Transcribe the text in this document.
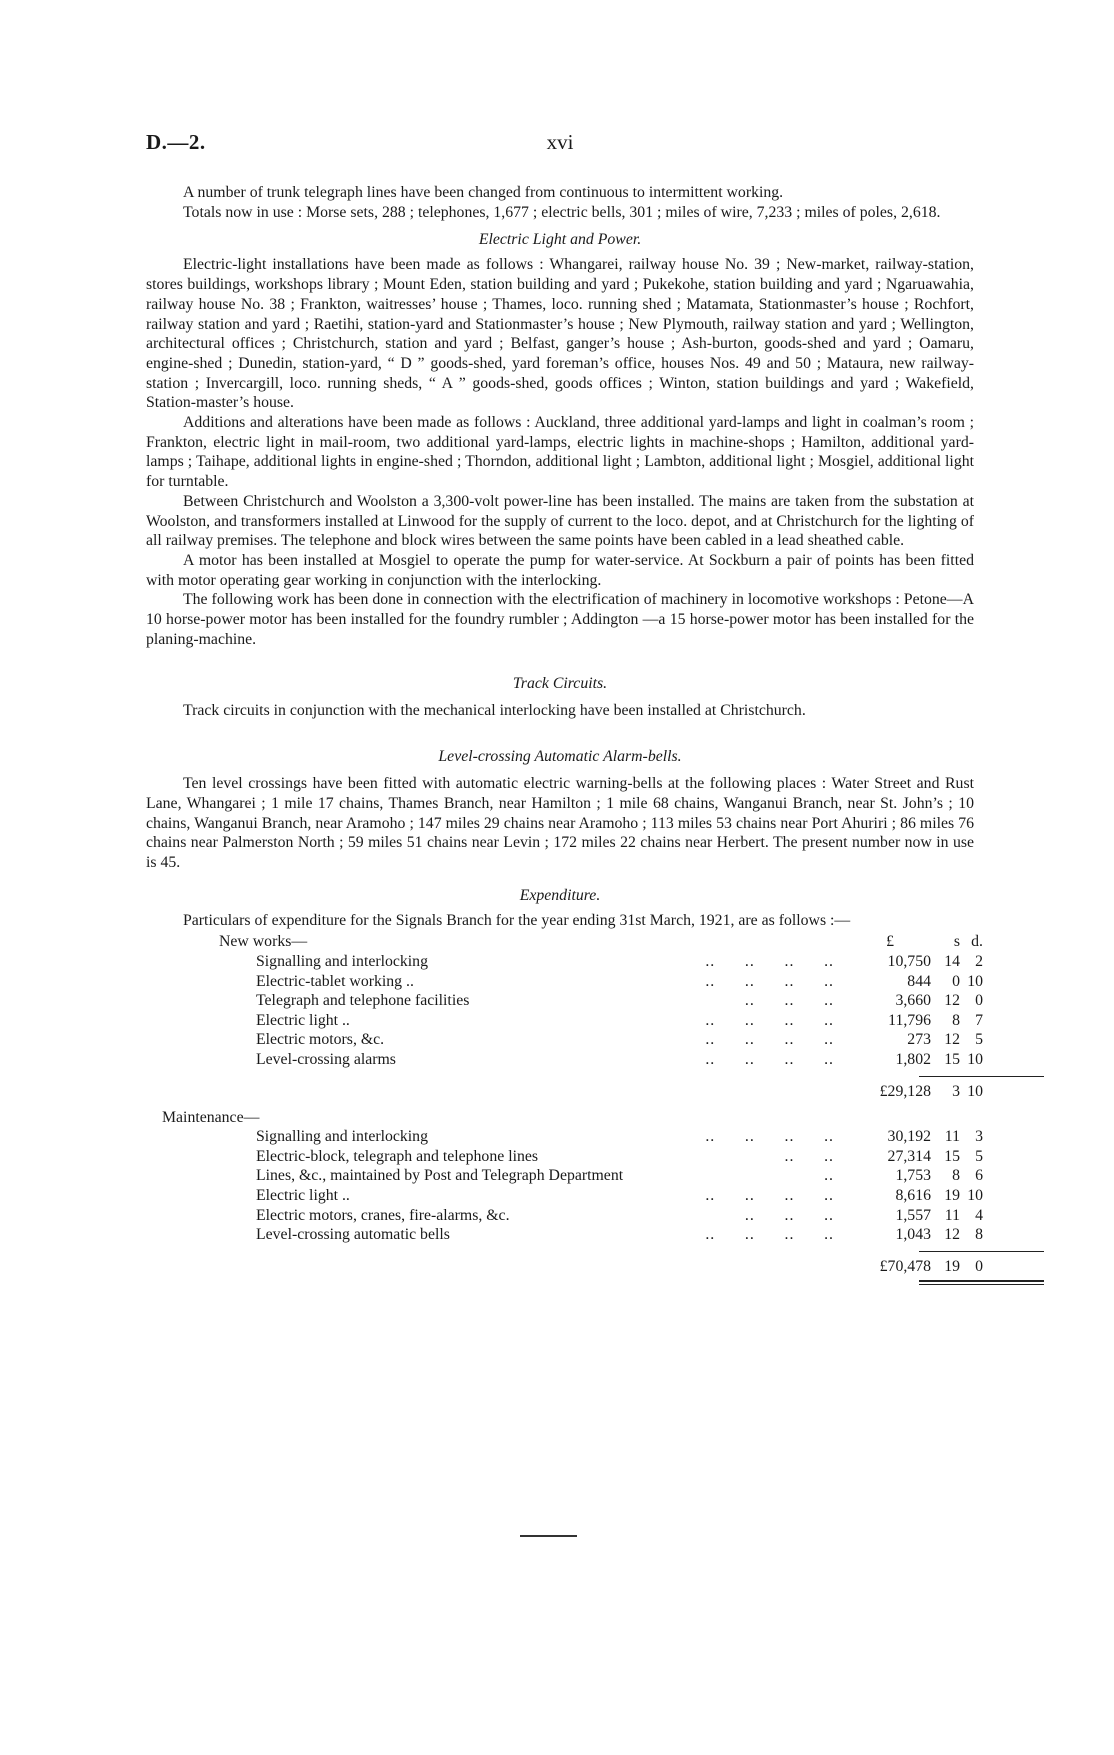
D.—2.	xvi

A number of trunk telegraph lines have been changed from continuous to intermittent working.

Totals now in use : Morse sets, 288 ; telephones, 1,677 ; electric bells, 301 ; miles of wire, 7,233 ; miles of poles, 2,618.

Electric Light and Power.

Electric-light installations have been made as follows : Whangarei, railway house No. 39 ; New-market, railway-station, stores buildings, workshops library ; Mount Eden, station building and yard ; Pukekohe, station building and yard ; Ngaruawahia, railway house No. 38 ; Frankton, waitresses’ house ; Thames, loco. running shed ; Matamata, Stationmaster’s house ; Rochfort, railway station and yard ; Raetihi, station-yard and Stationmaster’s house ; New Plymouth, railway station and yard ; Wellington, architectural offices ; Christchurch, station and yard ; Belfast, ganger’s house ; Ash-burton, goods-shed and yard ; Oamaru, engine-shed ; Dunedin, station-yard, “ D ” goods-shed, yard foreman’s office, houses Nos. 49 and 50 ; Mataura, new railway-station ; Invercargill, loco. running sheds, “ A ” goods-shed, goods offices ; Winton, station buildings and yard ; Wakefield, Station-master’s house.

Additions and alterations have been made as follows : Auckland, three additional yard-lamps and light in coalman’s room ; Frankton, electric light in mail-room, two additional yard-lamps, electric lights in machine-shops ; Hamilton, additional yard-lamps ; Taihape, additional lights in engine-shed ; Thorndon, additional light ; Lambton, additional light ; Mosgiel, additional light for turntable.

Between Christchurch and Woolston a 3,300-volt power-line has been installed. The mains are taken from the substation at Woolston, and transformers installed at Linwood for the supply of current to the loco. depot, and at Christchurch for the lighting of all railway premises. The telephone and block wires between the same points have been cabled in a lead sheathed cable.

A motor has been installed at Mosgiel to operate the pump for water-service. At Sockburn a pair of points has been fitted with motor operating gear working in conjunction with the interlocking.

The following work has been done in connection with the electrification of machinery in locomotive workshops : Petone—A 10 horse-power motor has been installed for the foundry rumbler ; Addington —a 15 horse-power motor has been installed for the planing-machine.

Track Circuits.

Track circuits in conjunction with the mechanical interlocking have been installed at Christchurch.

Level-crossing Automatic Alarm-bells.

Ten level crossings have been fitted with automatic electric warning-bells at the following places : Water Street and Rust Lane, Whangarei ; 1 mile 17 chains, Thames Branch, near Hamilton ; 1 mile 68 chains, Wanganui Branch, near St. John’s ; 10 chains, Wanganui Branch, near Aramoho ; 147 miles 29 chains near Aramoho ; 113 miles 53 chains near Port Ahuriri ; 86 miles 76 chains near Palmerston North ; 59 miles 51 chains near Levin ; 172 miles 22 chains near Herbert. The present number now in use is 45.

Expenditure.

Particulars of expenditure for the Signals Branch for the year ending 31st March, 1921, are as follows :—

New works—	£	s d.
Signalling and interlocking	..      ..      ..      ..	10,750 14 2
Electric-tablet working ..	..      ..      ..      ..	844	0 10
Telegraph and telephone facilities	..      ..      ..	3,660 12 0
Electric light ..	..      ..      ..      ..	11,796	8 7
Electric motors, &c.	..      ..      ..      ..	273 12 5
Level-crossing alarms	..      ..      ..      ..	1,802 15 10
£29,128	3 10
Maintenance—
Signalling and interlocking	..      ..      ..      ..	30,192 11 3
Electric-block, telegraph and telephone lines	..      ..	27,314 15 5
Lines, &c., maintained by Post and Telegraph Department	..	1,753	8 6
Electric light ..	..      ..      ..      ..	8,616 19 10
Electric motors, cranes, fire-alarms, &c.	..      ..      ..	1,557 11 4
Level-crossing automatic bells	..      ..      ..      ..	1,043 12 8
£70,478 19 0
